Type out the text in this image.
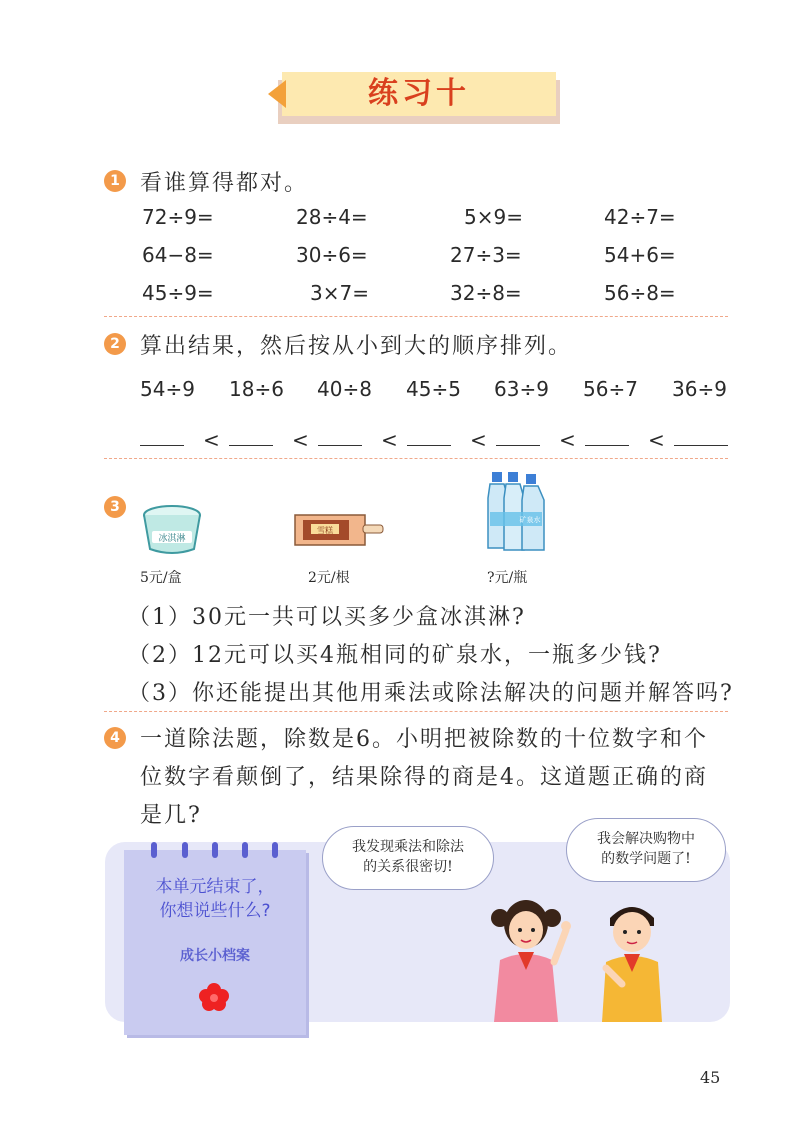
练习十
1 看谁算得都对。
72÷9=	28÷4=	5×9=	42÷7=
64−8=	30÷6=	27÷3=	54+6=
45÷9=	3×7=	32÷8=	56÷8=
2 算出结果，然后按从小到大的顺序排列。
54÷9 18÷6 40÷8 45÷5 63÷9 56÷7 36÷9
<	<	<	<	<	<
3
冰淇淋
雪糕
矿泉水
5元/盒	2元/根	?元/瓶
（1）30元一共可以买多少盒冰淇淋?
（2）12元可以买4瓶相同的矿泉水，一瓶多少钱?
（3）你还能提出其他用乘法或除法解决的问题并解答吗?
4 一道除法题，除数是6。小明把被除数的十位数字和个
位数字看颠倒了，结果除得的商是4。这道题正确的商
是几?
本单元结束了，
你想说些什么?
成长小档案
我发现乘法和除法
的关系很密切!
我会解决购物中
的数学问题了!
45
